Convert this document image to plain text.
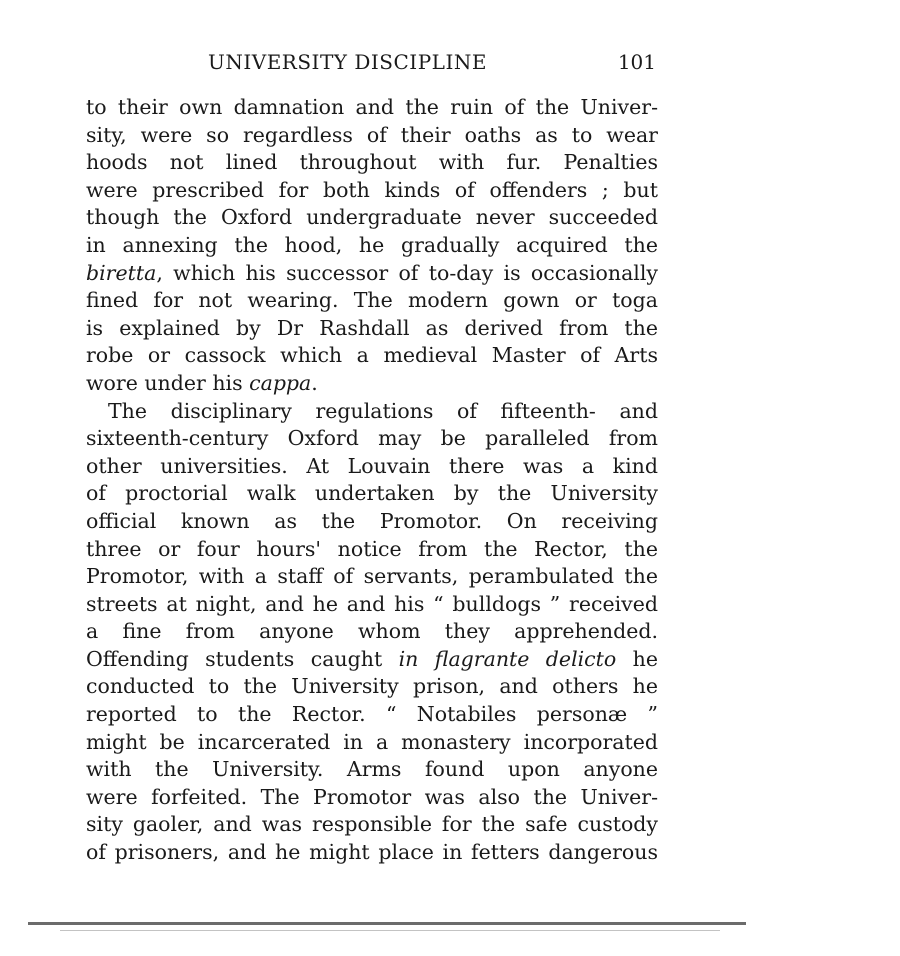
UNIVERSITY DISCIPLINE	101
to their own damnation and the ruin of the Univer-
sity, were so regardless of their oaths as to wear
hoods not lined throughout with fur. Penalties
were prescribed for both kinds of offenders ; but
though the Oxford undergraduate never succeeded
in annexing the hood, he gradually acquired the
biretta, which his successor of to-day is occasionally
fined for not wearing. The modern gown or toga
is explained by Dr Rashdall as derived from the
robe or cassock which a medieval Master of Arts
wore under his cappa.
The disciplinary regulations of fifteenth- and
sixteenth-century Oxford may be paralleled from
other universities. At Louvain there was a kind
of proctorial walk undertaken by the University
official known as the Promotor. On receiving
three or four hours' notice from the Rector, the
Promotor, with a staff of servants, perambulated the
streets at night, and he and his “ bulldogs ” received
a fine from anyone whom they apprehended.
Offending students caught in flagrante delicto he
conducted to the University prison, and others he
reported to the Rector. “ Notabiles personæ ”
might be incarcerated in a monastery incorporated
with the University. Arms found upon anyone
were forfeited. The Promotor was also the Univer-
sity gaoler, and was responsible for the safe custody
of prisoners, and he might place in fetters dangerous
